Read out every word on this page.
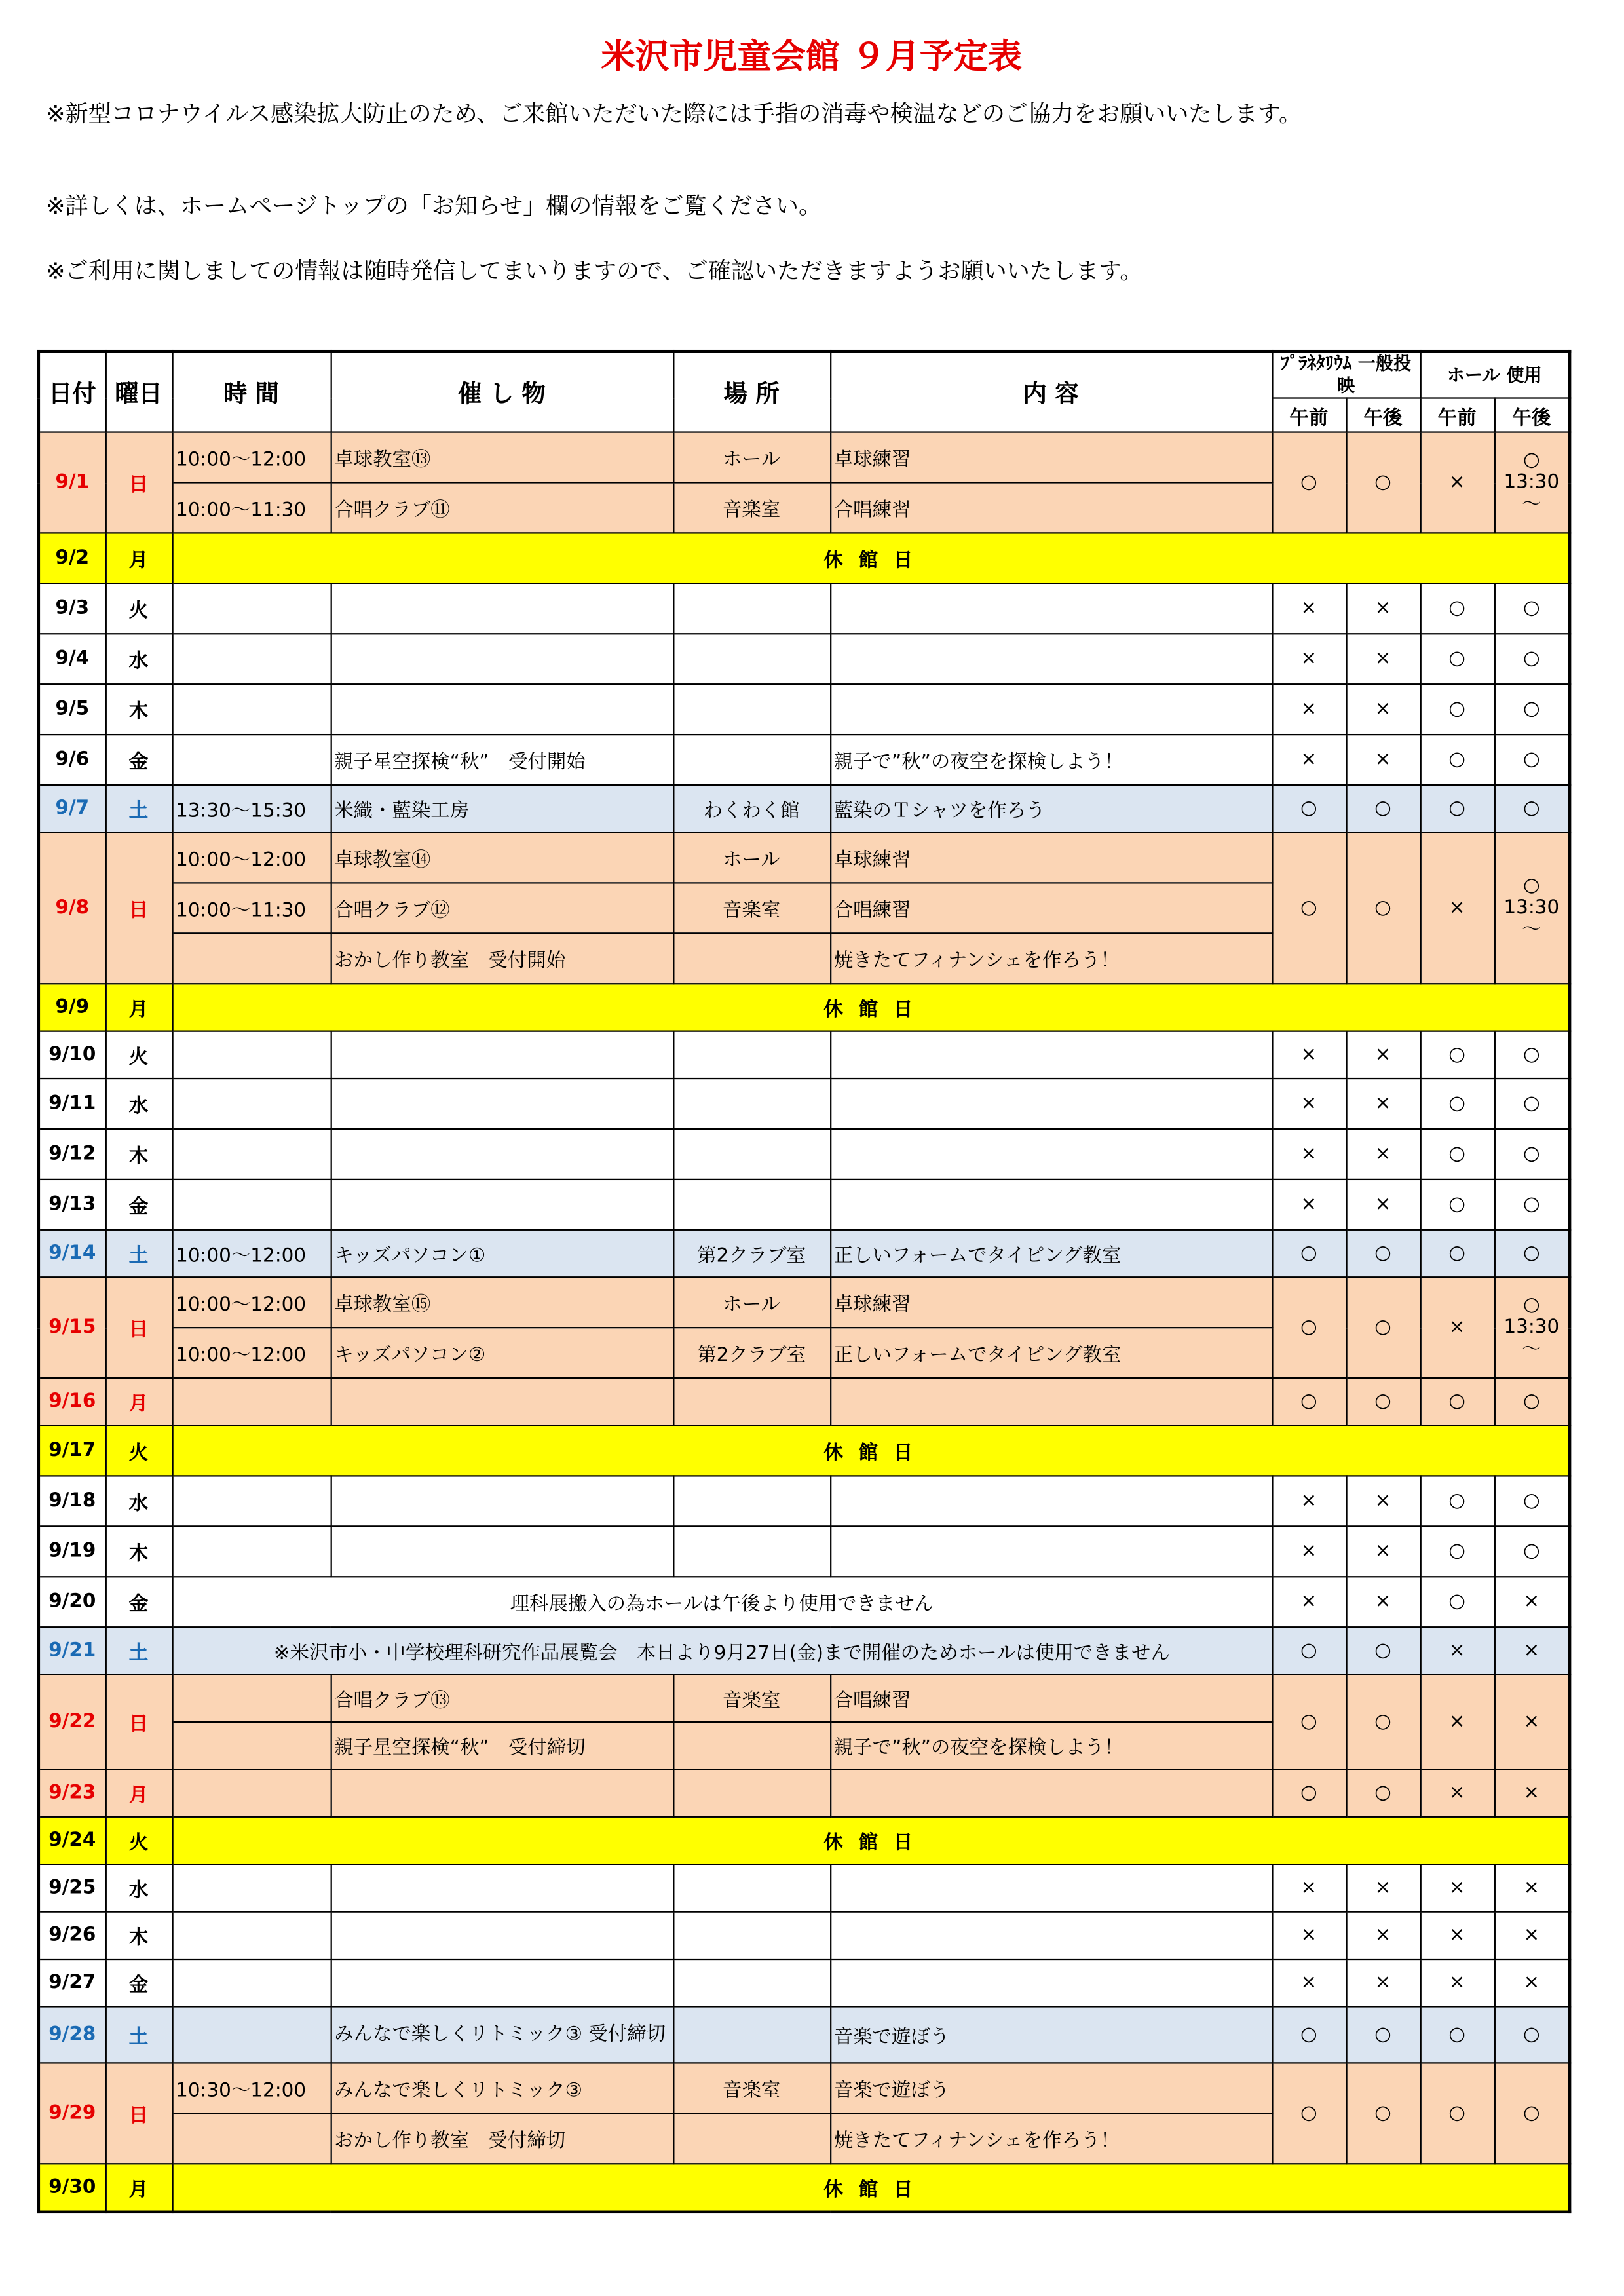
米沢市児童会館 ９月予定表
※新型コロナウイルス感染拡大防止のため、ご来館いただいた際には手指の消毒や検温などのご協力をお願いいたします。
※詳しくは、ホームページトップの「お知らせ」欄の情報をご覧ください。
※ご利用に関しましての情報は随時発信してまいりますので、ご確認いただきますようお願いいたします。
日付	曜日	時 間	催 し 物	場 所	内 容	ﾌﾟﾗﾈﾀﾘｳﾑ 一般投映		ホール 使用	
						午前	午後	午前	午後
9/1	日	10:00～12:00	卓球教室⑬	ホール	卓球練習	○	○	×	○ 13:30 ～
		10:00～11:30	合唱クラブ⑪	音楽室	合唱練習				
9/2	月	休 館 日							
9/3	火					×	×	○	○
9/4	水					×	×	○	○
9/5	木					×	×	○	○
9/6	金		親子星空探検“秋”　受付開始		親子で”秋”の夜空を探検しよう！	×	×	○	○
9/7	土	13:30～15:30	米織・藍染工房	わくわく館	藍染のＴシャツを作ろう	○	○	○	○
9/8	日	10:00～12:00	卓球教室⑭	ホール	卓球練習	○	○	×	○ 13:30 ～
		10:00～11:30	合唱クラブ⑫	音楽室	合唱練習				
			おかし作り教室　受付開始		焼きたてフィナンシェを作ろう！				
9/9	月	休 館 日							
9/10	火					×	×	○	○
9/11	水					×	×	○	○
9/12	木					×	×	○	○
9/13	金					×	×	○	○
9/14	土	10:00～12:00	キッズパソコン①	第2クラブ室	正しいフォームでタイピング教室	○	○	○	○
9/15	日	10:00～12:00	卓球教室⑮	ホール	卓球練習	○	○	×	○ 13:30 ～
		10:00～12:00	キッズパソコン②	第2クラブ室	正しいフォームでタイピング教室				
9/16	月					○	○	○	○
9/17	火	休 館 日							
9/18	水					×	×	○	○
9/19	木					×	×	○	○
9/20	金	理科展搬入の為ホールは午後より使用できません				×	×	○	×
9/21	土	※米沢市小・中学校理科研究作品展覧会　本日より9月27日(金)まで開催のためホールは使用できません				○	○	×	×
9/22	日		合唱クラブ⑬	音楽室	合唱練習	○	○	×	×
			親子星空探検“秋”　受付締切		親子で”秋”の夜空を探検しよう！				
9/23	月					○	○	×	×
9/24	火	休 館 日							
9/25	水					×	×	×	×
9/26	木					×	×	×	×
9/27	金					×	×	×	×
9/28	土		みんなで楽しくリトミック③ 受付締切		音楽で遊ぼう	○	○	○	○
9/29	日	10:30～12:00	みんなで楽しくリトミック③	音楽室	音楽で遊ぼう	○	○	○	○
			おかし作り教室　受付締切		焼きたてフィナンシェを作ろう！				
9/30	月	休 館 日							
